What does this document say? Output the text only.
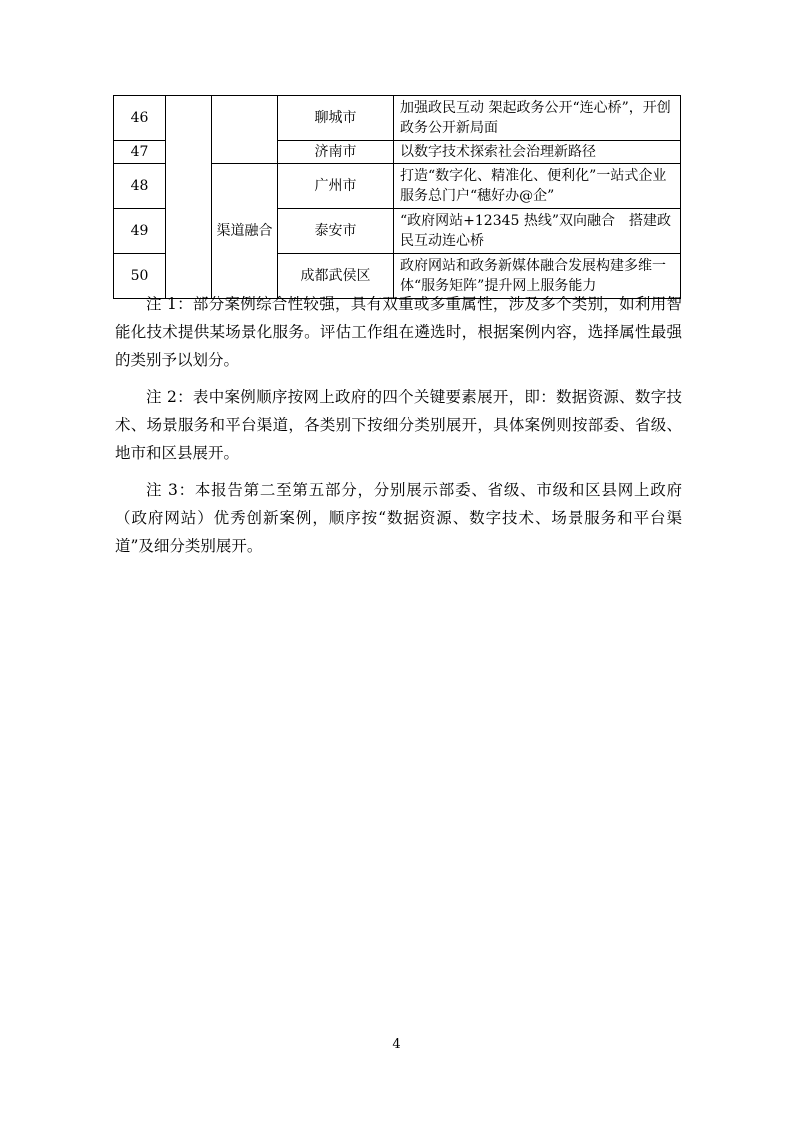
46			聊城市	加强政民互动 架起政务公开“连心桥”，开创政务公开新局面
47			济南市	以数字技术探索社会治理新路径
48		渠道融合	广州市	打造“数字化、精准化、便利化”一站式企业服务总门户“穗好办@企”
49			泰安市	“政府网站+12345 热线”双向融合　搭建政民互动连心桥
50			成都武侯区	政府网站和政务新媒体融合发展构建多维一体“服务矩阵”提升网上服务能力

注 1：部分案例综合性较强，具有双重或多重属性，涉及多个类别，如利用智能化技术提供某场景化服务。评估工作组在遴选时，根据案例内容，选择属性最强的类别予以划分。

注 2：表中案例顺序按网上政府的四个关键要素展开，即：数据资源、数字技术、场景服务和平台渠道，各类别下按细分类别展开，具体案例则按部委、省级、地市和区县展开。

注 3：本报告第二至第五部分，分别展示部委、省级、市级和区县网上政府（政府网站）优秀创新案例，顺序按“数据资源、数字技术、场景服务和平台渠道”及细分类别展开。

4
